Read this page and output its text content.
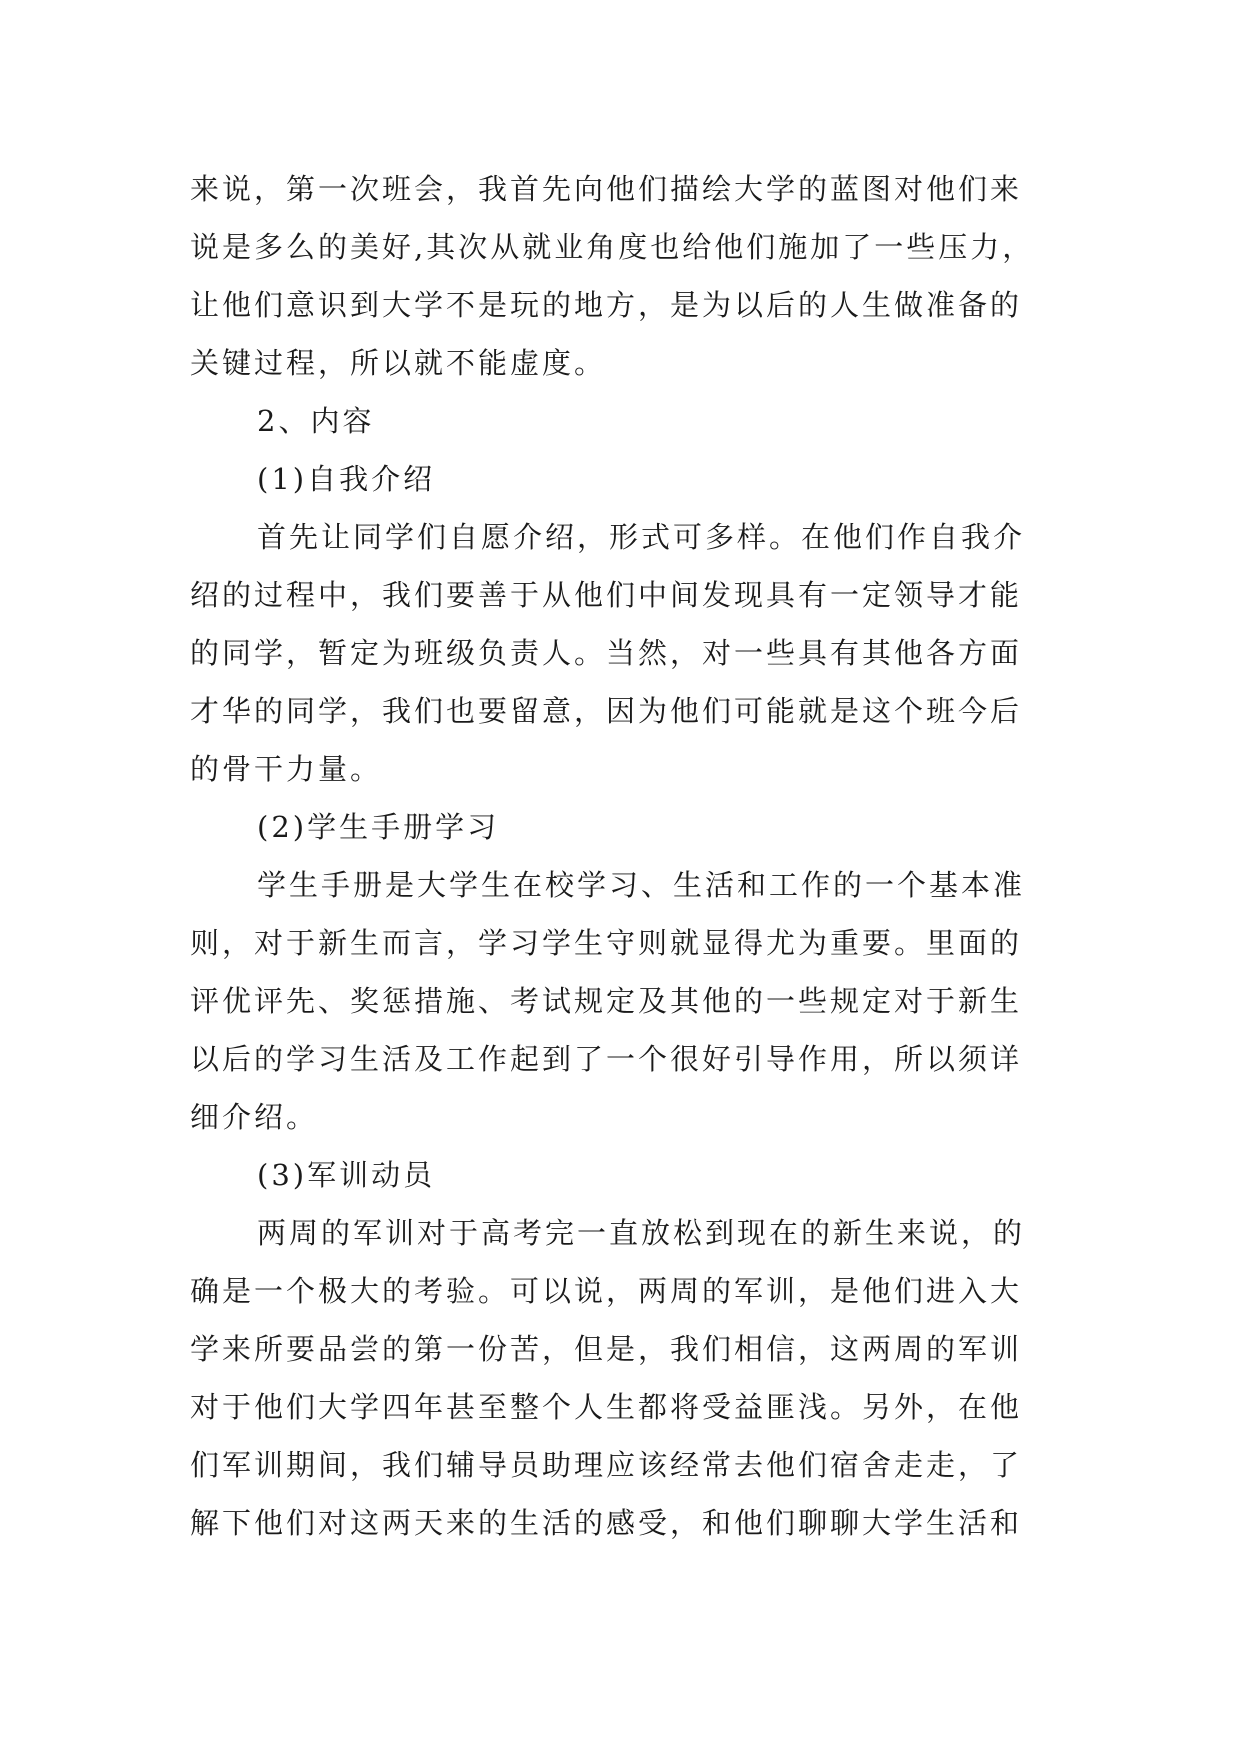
来说，第一次班会，我首先向他们描绘大学的蓝图对他们来
说是多么的美好,其次从就业角度也给他们施加了一些压力，
让他们意识到大学不是玩的地方，是为以后的人生做准备的
关键过程，所以就不能虚度。
2、内容
(1)自我介绍
首先让同学们自愿介绍，形式可多样。在他们作自我介
绍的过程中，我们要善于从他们中间发现具有一定领导才能
的同学，暂定为班级负责人。当然，对一些具有其他各方面
才华的同学，我们也要留意，因为他们可能就是这个班今后
的骨干力量。
(2)学生手册学习
学生手册是大学生在校学习、生活和工作的一个基本准
则，对于新生而言，学习学生守则就显得尤为重要。里面的
评优评先、奖惩措施、考试规定及其他的一些规定对于新生
以后的学习生活及工作起到了一个很好引导作用，所以须详
细介绍。
(3)军训动员
两周的军训对于高考完一直放松到现在的新生来说，的
确是一个极大的考验。可以说，两周的军训，是他们进入大
学来所要品尝的第一份苦，但是，我们相信，这两周的军训
对于他们大学四年甚至整个人生都将受益匪浅。另外，在他
们军训期间，我们辅导员助理应该经常去他们宿舍走走，了
解下他们对这两天来的生活的感受，和他们聊聊大学生活和
